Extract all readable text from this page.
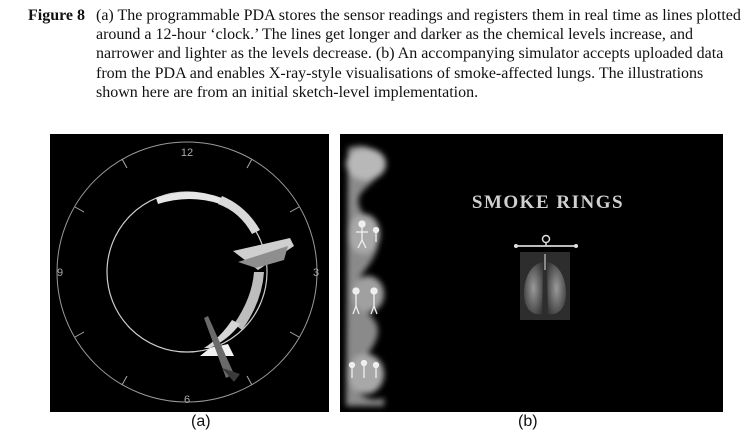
Figure 8 (a) The programmable PDA stores the sensor readings and registers them in real time as lines plotted around a 12-hour ‘clock.’ The lines get longer and darker as the chemical levels increase, and narrower and lighter as the levels decrease. (b) An accompanying simulator accepts uploaded data from the PDA and enables X-ray-style visualisations of smoke-affected lungs. The illustrations shown here are from an initial sketch-level implementation.

12
3
6
9
(a)
SMOKE RINGS
(b)
